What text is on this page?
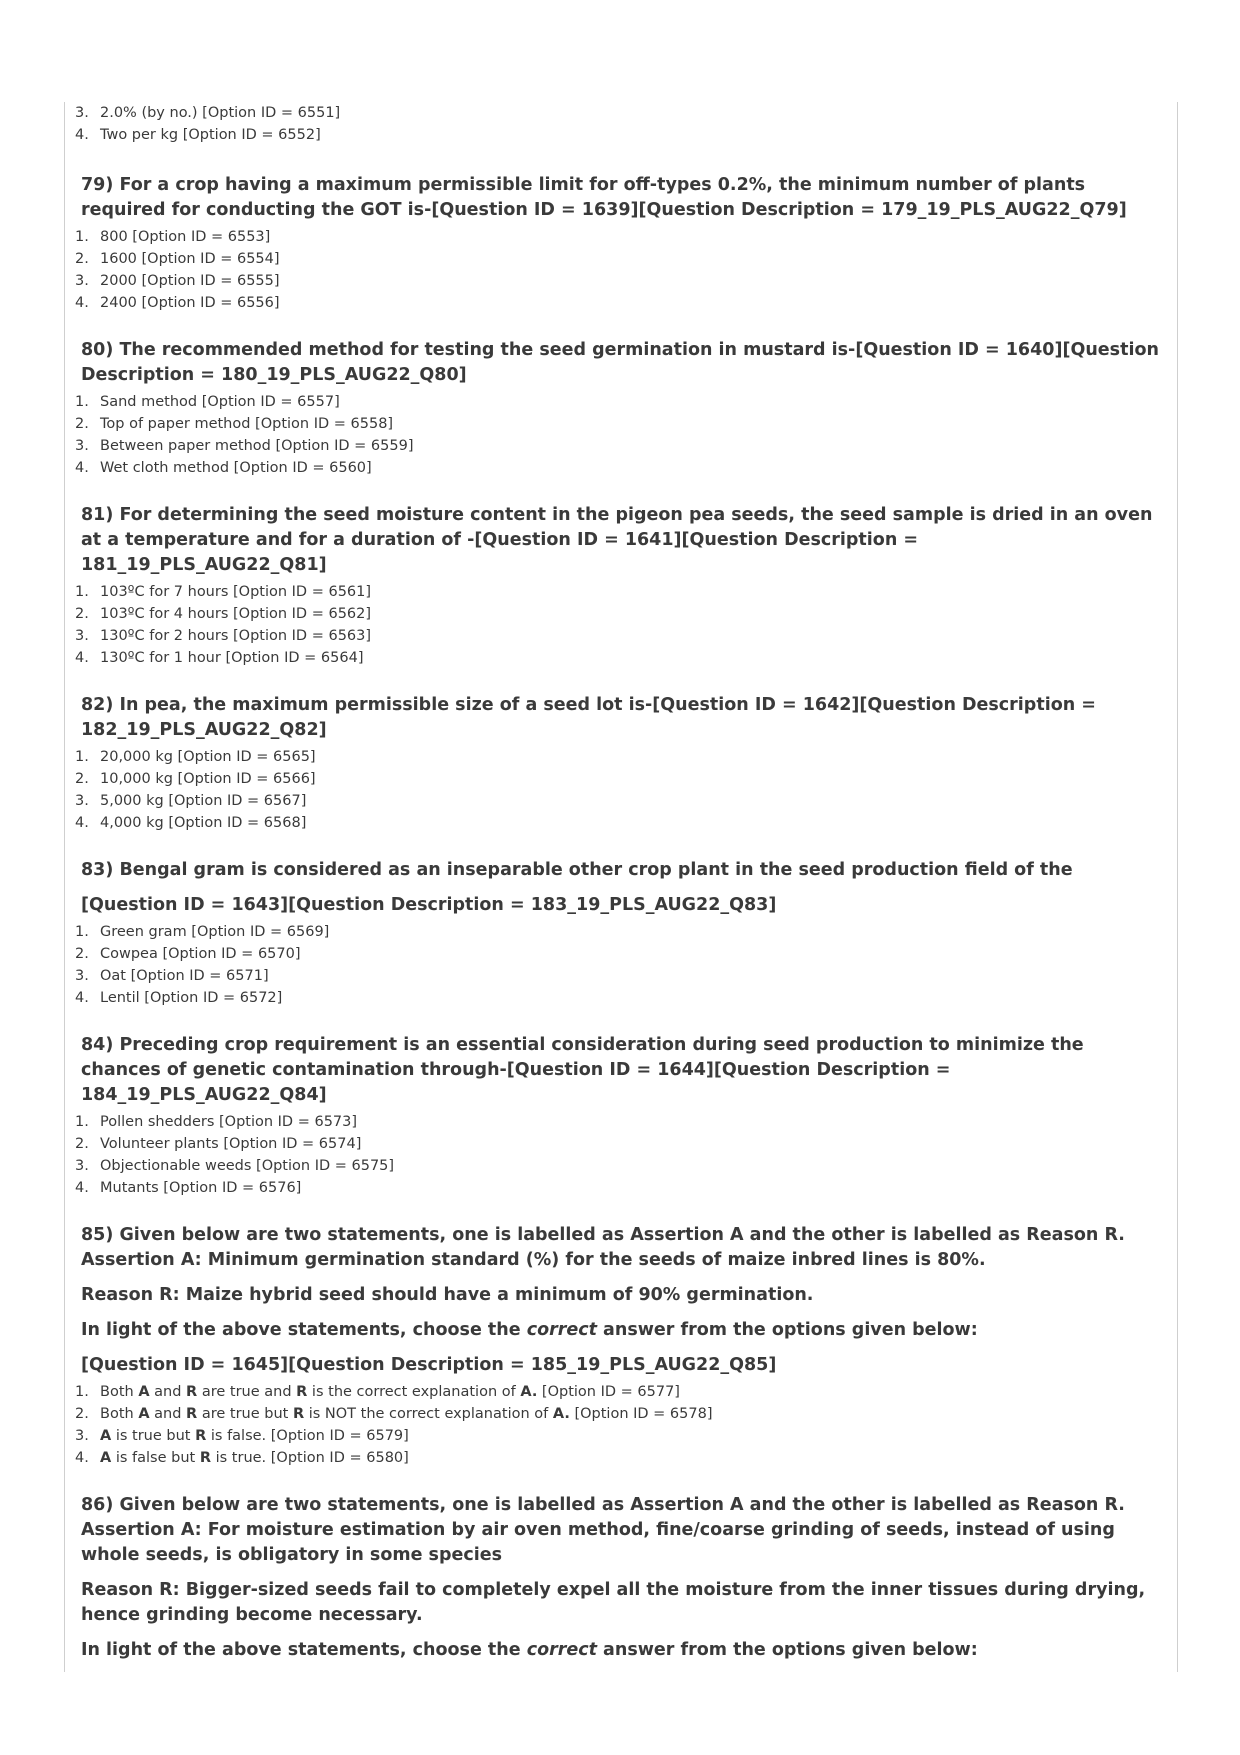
3. 2.0% (by no.) [Option ID = 6551]

4. Two per kg [Option ID = 6552]

79) For a crop having a maximum permissible limit for off-types 0.2%, the minimum number of plants required for conducting the GOT is-[Question ID = 1639][Question Description = 179_19_PLS_AUG22_Q79]

1. 800 [Option ID = 6553]

2. 1600 [Option ID = 6554]

3. 2000 [Option ID = 6555]

4. 2400 [Option ID = 6556]

80) The recommended method for testing the seed germination in mustard is-[Question ID = 1640][Question Description = 180_19_PLS_AUG22_Q80]

1. Sand method [Option ID = 6557]

2. Top of paper method [Option ID = 6558]

3. Between paper method [Option ID = 6559]

4. Wet cloth method [Option ID = 6560]

81) For determining the seed moisture content in the pigeon pea seeds, the seed sample is dried in an oven at a temperature and for a duration of -[Question ID = 1641][Question Description = 181_19_PLS_AUG22_Q81]

1. 103ºC for 7 hours [Option ID = 6561]

2. 103ºC for 4 hours [Option ID = 6562]

3. 130ºC for 2 hours [Option ID = 6563]

4. 130ºC for 1 hour [Option ID = 6564]

82) In pea, the maximum permissible size of a seed lot is-[Question ID = 1642][Question Description = 182_19_PLS_AUG22_Q82]

1. 20,000 kg [Option ID = 6565]

2. 10,000 kg [Option ID = 6566]

3. 5,000 kg [Option ID = 6567]

4. 4,000 kg [Option ID = 6568]

83) Bengal gram is considered as an inseparable other crop plant in the seed production field of the

[Question ID = 1643][Question Description = 183_19_PLS_AUG22_Q83]

1. Green gram [Option ID = 6569]

2. Cowpea [Option ID = 6570]

3. Oat [Option ID = 6571]

4. Lentil [Option ID = 6572]

84) Preceding crop requirement is an essential consideration during seed production to minimize the chances of genetic contamination through-[Question ID = 1644][Question Description = 184_19_PLS_AUG22_Q84]

1. Pollen shedders [Option ID = 6573]

2. Volunteer plants [Option ID = 6574]

3. Objectionable weeds [Option ID = 6575]

4. Mutants [Option ID = 6576]

85) Given below are two statements, one is labelled as Assertion A and the other is labelled as Reason R.

Assertion A: Minimum germination standard (%) for the seeds of maize inbred lines is 80%.

Reason R: Maize hybrid seed should have a minimum of 90% germination.

In light of the above statements, choose the correct answer from the options given below:

[Question ID = 1645][Question Description = 185_19_PLS_AUG22_Q85]

1. Both A and R are true and R is the correct explanation of A. [Option ID = 6577]

2. Both A and R are true but R is NOT the correct explanation of A. [Option ID = 6578]

3. A is true but R is false. [Option ID = 6579]

4. A is false but R is true. [Option ID = 6580]

86) Given below are two statements, one is labelled as Assertion A and the other is labelled as Reason R.

Assertion A: For moisture estimation by air oven method, fine/coarse grinding of seeds, instead of using whole seeds, is obligatory in some species

Reason R: Bigger-sized seeds fail to completely expel all the moisture from the inner tissues during drying, hence grinding become necessary.

In light of the above statements, choose the correct answer from the options given below:
